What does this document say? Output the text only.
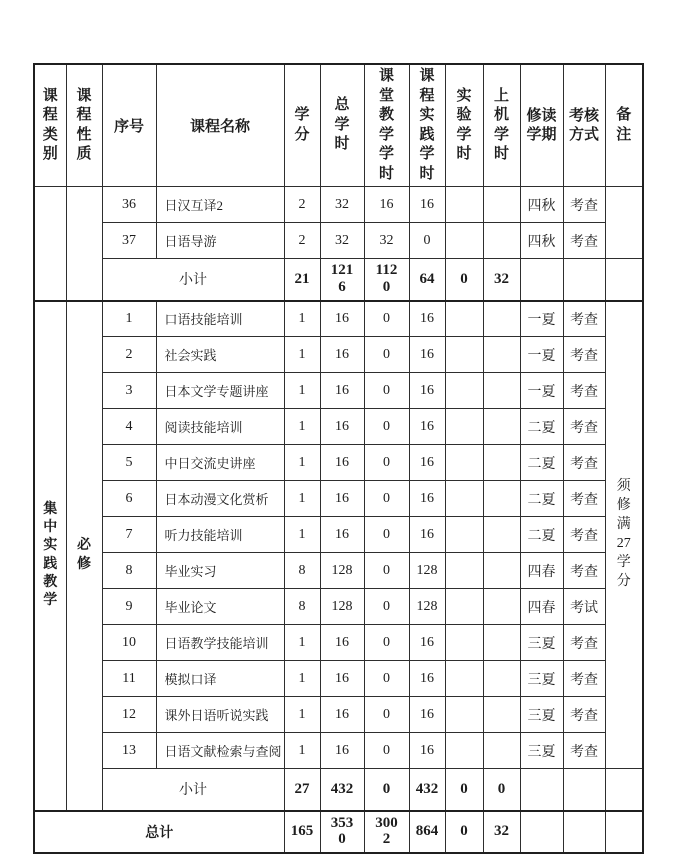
课程类别	课程性质	序号	课程名称	学分	总学时	课堂教学学时	课程实践学时	实验学时	上机学时	修读学期	考核方式	备注
		36	日汉互译2	2	32	16	16			四秋	考查	
		37	日语导游	2	32	32	0			四秋	考查	
		小计		21	1216	1120	64	0	32			
集中实践教学	必修	1	口语技能培训	1	16	0	16			一夏	考查	须修满27学分
		2	社会实践	1	16	0	16			一夏	考查	
		3	日本文学专题讲座	1	16	0	16			一夏	考查	
		4	阅读技能培训	1	16	0	16			二夏	考查	
		5	中日交流史讲座	1	16	0	16			二夏	考查	
		6	日本动漫文化赏析	1	16	0	16			二夏	考查	
		7	听力技能培训	1	16	0	16			二夏	考查	
		8	毕业实习	8	128	0	128			四春	考查	
		9	毕业论文	8	128	0	128			四春	考试	
		10	日语教学技能培训	1	16	0	16			三夏	考查	
		11	模拟口译	1	16	0	16			三夏	考查	
		12	课外日语听说实践	1	16	0	16			三夏	考查	
		13	日语文献检索与查阅	1	16	0	16			三夏	考查	
		小计		27	432	0	432	0	0			
总计				165	3530	3002	864	0	32			
